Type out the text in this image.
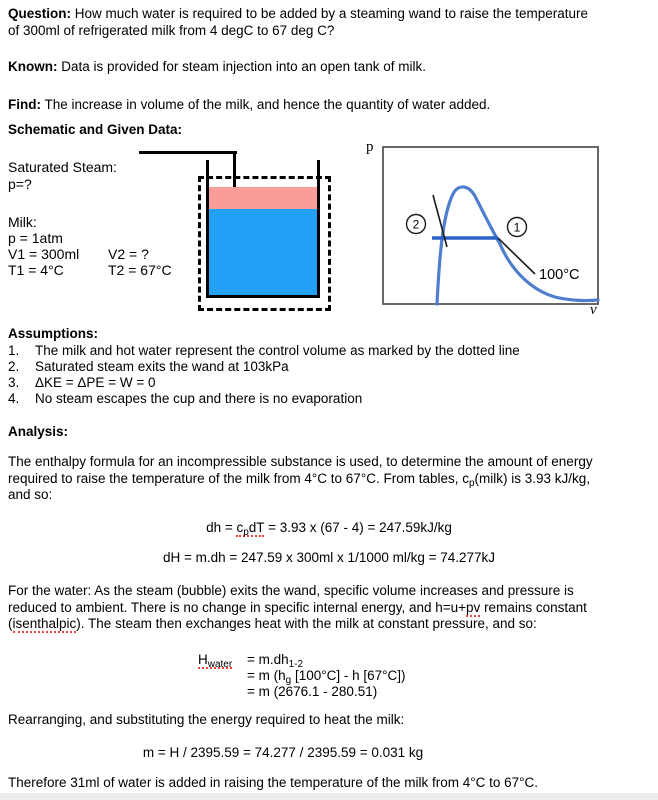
Question: How much water is required to be added by a steaming wand to raise the temperature
of 300ml of refrigerated milk from 4 degC to 67 deg C?

Known: Data is provided for steam injection into an open tank of milk.

Find: The increase in volume of the milk, and hence the quantity of water added.

Schematic and Given Data:

Saturated Steam:
p=?
Milk:
p = 1atm
V1 = 300ml V2 = ?
T1 = 4°C	T2 = 67°C
p
ν
2	1
100°C

Assumptions:

1.	The milk and hot water represent the control volume as marked by the dotted line
2.	Saturated steam exits the wand at 103kPa
3.	ΔKE = ΔPE = W = 0
4.	No steam escapes the cup and there is no evaporation

Analysis:

The enthalpy formula for an incompressible substance is used, to determine the amount of energy
required to raise the temperature of the milk from 4°C to 67°C. From tables, $c_p(milk)$ is 3.93 kJ/kg,
and so:

dh = $c_pdT = 3.93$ x (67 - 4) = 247.59kJ/kg

dH = m.dh = 247.59 x 300ml x 1/1000 ml/kg = 74.277kJ

For the water: As the steam (bubble) exits the wand, specific volume increases and pressure is
reduced to ambient. There is no change in specific internal energy, and h=u+pv remains constant
(isenthalpic). The steam then exchanges heat with the milk at constant pressure, and so:

$H_{water}$	= $m.dh_{1-2}$
= m ($h_g$ [100°C] - h [67°C])
= m (2676.1 - 280.51)

Rearranging, and substituting the energy required to heat the milk:

m = H / 2395.59 = 74.277 / 2395.59 = 0.031 kg

Therefore 31ml of water is added in raising the temperature of the milk from 4°C to 67°C.
